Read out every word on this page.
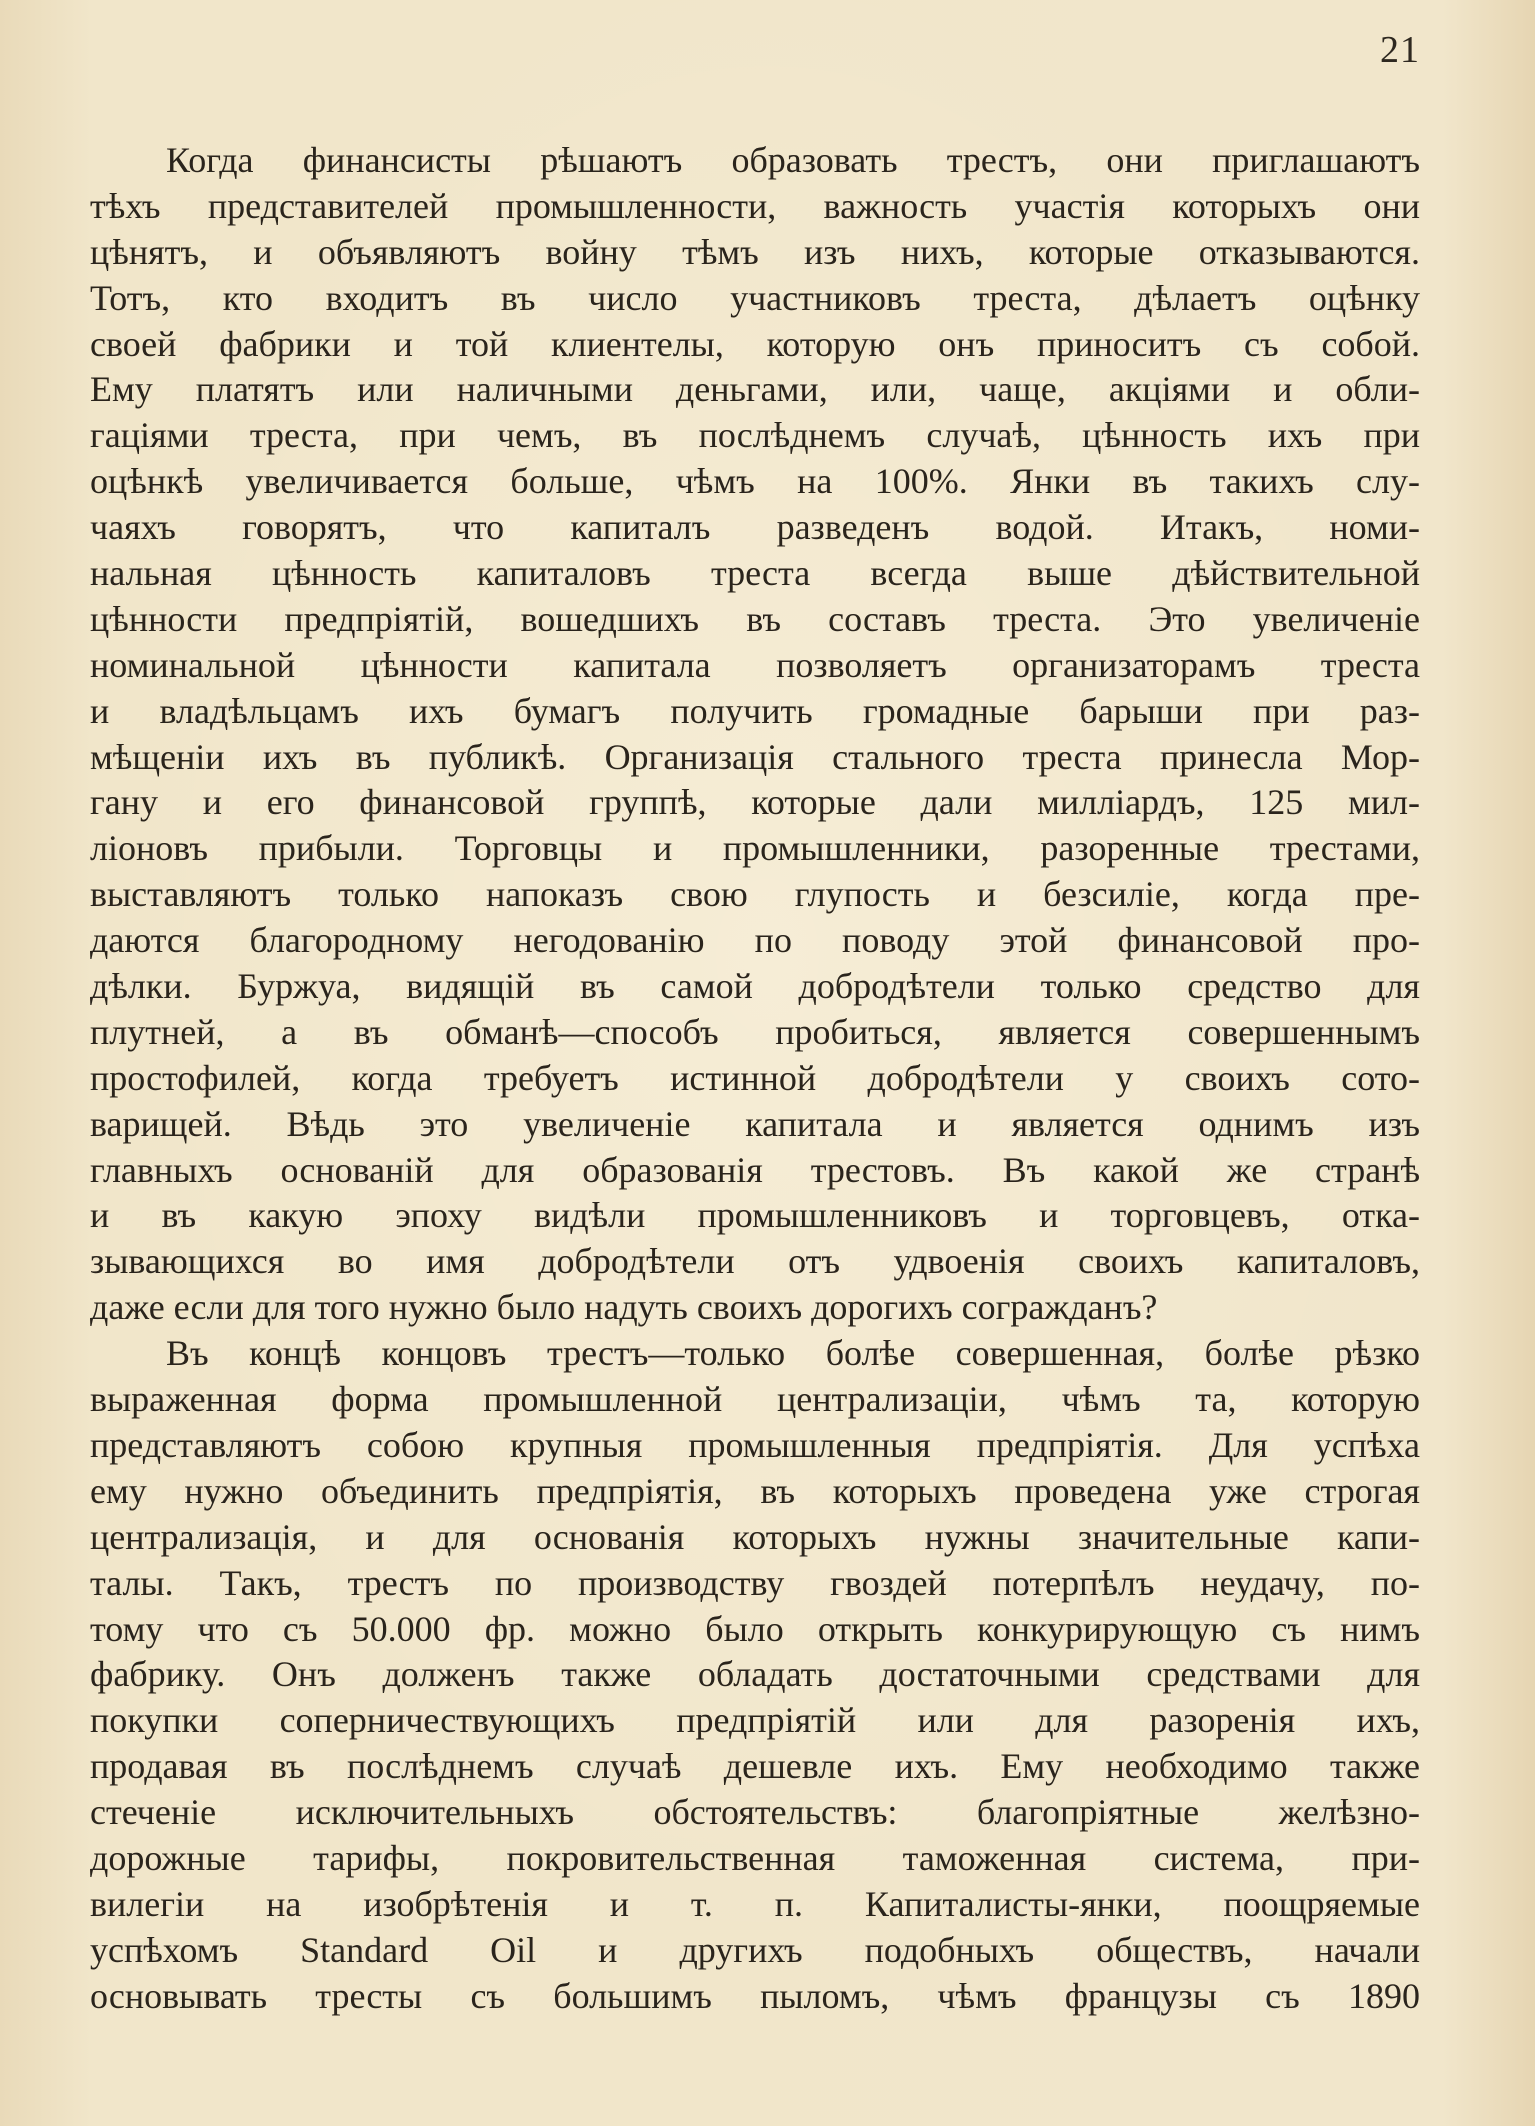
21
Когда финансисты рѣшаютъ образовать трестъ, они приглашаютъ
тѣхъ представителей промышленности, важность участія которыхъ они
цѣнятъ, и объявляютъ войну тѣмъ изъ нихъ, которые отказываются.
Тотъ, кто входитъ въ число участниковъ треста, дѣлаетъ оцѣнку
своей фабрики и той клиентелы, которую онъ приноситъ съ собой.
Ему платятъ или наличными деньгами, или, чаще, акціями и обли-
гаціями треста, при чемъ, въ послѣднемъ случаѣ, цѣнность ихъ при
оцѣнкѣ увеличивается больше, чѣмъ на 100%. Янки въ такихъ слу-
чаяхъ говорятъ, что капиталъ разведенъ водой. Итакъ, номи-
нальная цѣнность капиталовъ треста всегда выше дѣйствительной
цѣнности предпріятій, вошедшихъ въ составъ треста. Это увеличеніе
номинальной цѣнности капитала позволяетъ организаторамъ треста
и владѣльцамъ ихъ бумагъ получить громадные барыши при раз-
мѣщеніи ихъ въ публикѣ. Организація стального треста принесла Мор-
гану и его финансовой группѣ, которые дали милліардъ, 125 мил-
ліоновъ прибыли. Торговцы и промышленники, разоренные трестами,
выставляютъ только напоказъ свою глупость и безсиліе, когда пре-
даются благородному негодованію по поводу этой финансовой про-
дѣлки. Буржуа, видящій въ самой добродѣтели только средство для
плутней, а въ обманѣ—способъ пробиться, является совершеннымъ
простофилей, когда требуетъ истинной добродѣтели у своихъ сото-
варищей. Вѣдь это увеличеніе капитала и является однимъ изъ
главныхъ основаній для образованія трестовъ. Въ какой же странѣ
и въ какую эпоху видѣли промышленниковъ и торговцевъ, отка-
зывающихся во имя добродѣтели отъ удвоенія своихъ капиталовъ,
даже если для того нужно было надуть своихъ дорогихъ согражданъ?
Въ концѣ концовъ трестъ—только болѣе совершенная, болѣе рѣзко
выраженная форма промышленной централизаціи, чѣмъ та, которую
представляютъ собою крупныя промышленныя предпріятія. Для успѣха
ему нужно объединить предпріятія, въ которыхъ проведена уже строгая
централизація, и для основанія которыхъ нужны значительные капи-
талы. Такъ, трестъ по производству гвоздей потерпѣлъ неудачу, по-
тому что съ 50.000 фр. можно было открыть конкурирующую съ нимъ
фабрику. Онъ долженъ также обладать достаточными средствами для
покупки соперничествующихъ предпріятій или для разоренія ихъ,
продавая въ послѣднемъ случаѣ дешевле ихъ. Ему необходимо также
стеченіе исключительныхъ обстоятельствъ: благопріятные желѣзно-
дорожные тарифы, покровительственная таможенная система, при-
вилегіи на изобрѣтенія и т. п. Капиталисты-янки, поощряемые
успѣхомъ Standard Oil и другихъ подобныхъ обществъ, начали
основывать тресты съ большимъ пыломъ, чѣмъ французы съ 1890
